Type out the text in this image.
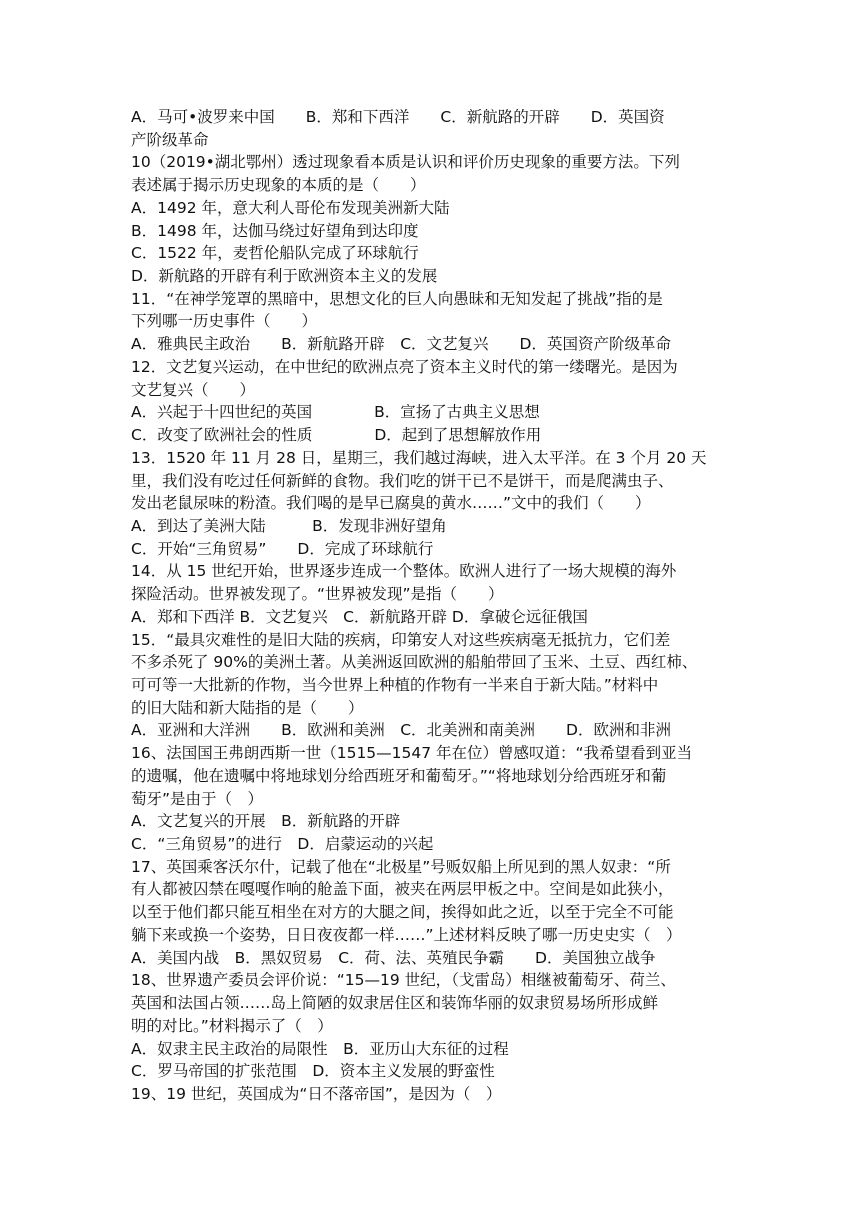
A．马可•波罗来中国　　B．郑和下西洋　　C．新航路的开辟　　D．英国资
产阶级革命
10（2019•湖北鄂州）透过现象看本质是认识和评价历史现象的重要方法。下列
表述属于揭示历史现象的本质的是（　　）
A．1492 年，意大利人哥伦布发现美洲新大陆
B．1498 年，达伽马绕过好望角到达印度
C．1522 年，麦哲伦船队完成了环球航行
D．新航路的开辟有利于欧洲资本主义的发展
11．“在神学笼罩的黑暗中，思想文化的巨人向愚昧和无知发起了挑战”指的是
下列哪一历史事件（　　）
A．雅典民主政治　　B．新航路开辟　C．文艺复兴　　D．英国资产阶级革命
12．文艺复兴运动，在中世纪的欧洲点亮了资本主义时代的第一缕曙光。是因为
文艺复兴（　　）
A．兴起于十四世纪的英国　　　　B．宣扬了古典主义思想
C．改变了欧洲社会的性质　　　　D．起到了思想解放作用
13．1520 年 11 月 28 日，星期三，我们越过海峡，进入太平洋。在 3 个月 20 天
里，我们没有吃过任何新鲜的食物。我们吃的饼干已不是饼干，而是爬满虫子、
发出老鼠尿味的粉渣。我们喝的是早已腐臭的黄水……”文中的我们（　　）
A．到达了美洲大陆　　　B．发现非洲好望角
C．开始“三角贸易”　　D．完成了环球航行
14．从 15 世纪开始，世界逐步连成一个整体。欧洲人进行了一场大规模的海外
探险活动。世界被发现了。“世界被发现”是指（　　）
A．郑和下西洋 B．文艺复兴　C．新航路开辟 D．拿破仑远征俄国
15．“最具灾难性的是旧大陆的疾病，印第安人对这些疾病毫无抵抗力，它们差
不多杀死了 90%的美洲土著。从美洲返回欧洲的船舶带回了玉米、土豆、西红柿、
可可等一大批新的作物，当今世界上种植的作物有一半来自于新大陆。”材料中
的旧大陆和新大陆指的是（　　）
A．亚洲和大洋洲　　B．欧洲和美洲　C．北美洲和南美洲　　D．欧洲和非洲
16、法国国王弗朗西斯一世（1515—1547 年在位）曾感叹道：“我希望看到亚当
的遗嘱，他在遗嘱中将地球划分给西班牙和葡萄牙。”“将地球划分给西班牙和葡
萄牙”是由于（　）
A．文艺复兴的开展　B．新航路的开辟
C．“三角贸易”的进行　D．启蒙运动的兴起
17、英国乘客沃尔什，记载了他在“北极星”号贩奴船上所见到的黑人奴隶：“所
有人都被囚禁在嘎嘎作响的舱盖下面，被夹在两层甲板之中。空间是如此狭小，
以至于他们都只能互相坐在对方的大腿之间，挨得如此之近，以至于完全不可能
躺下来或换一个姿势，日日夜夜都一样……”上述材料反映了哪一历史史实（　）
A．美国内战　B．黑奴贸易　C．荷、法、英殖民争霸　　D．美国独立战争
18、世界遗产委员会评价说：“15—19 世纪，（戈雷岛）相继被葡萄牙、荷兰、
英国和法国占领……岛上简陋的奴隶居住区和装饰华丽的奴隶贸易场所形成鲜
明的对比。”材料揭示了（　）
A．奴隶主民主政治的局限性　B．亚历山大东征的过程
C．罗马帝国的扩张范围　D．资本主义发展的野蛮性
19、19 世纪，英国成为“日不落帝国”，是因为（　）
